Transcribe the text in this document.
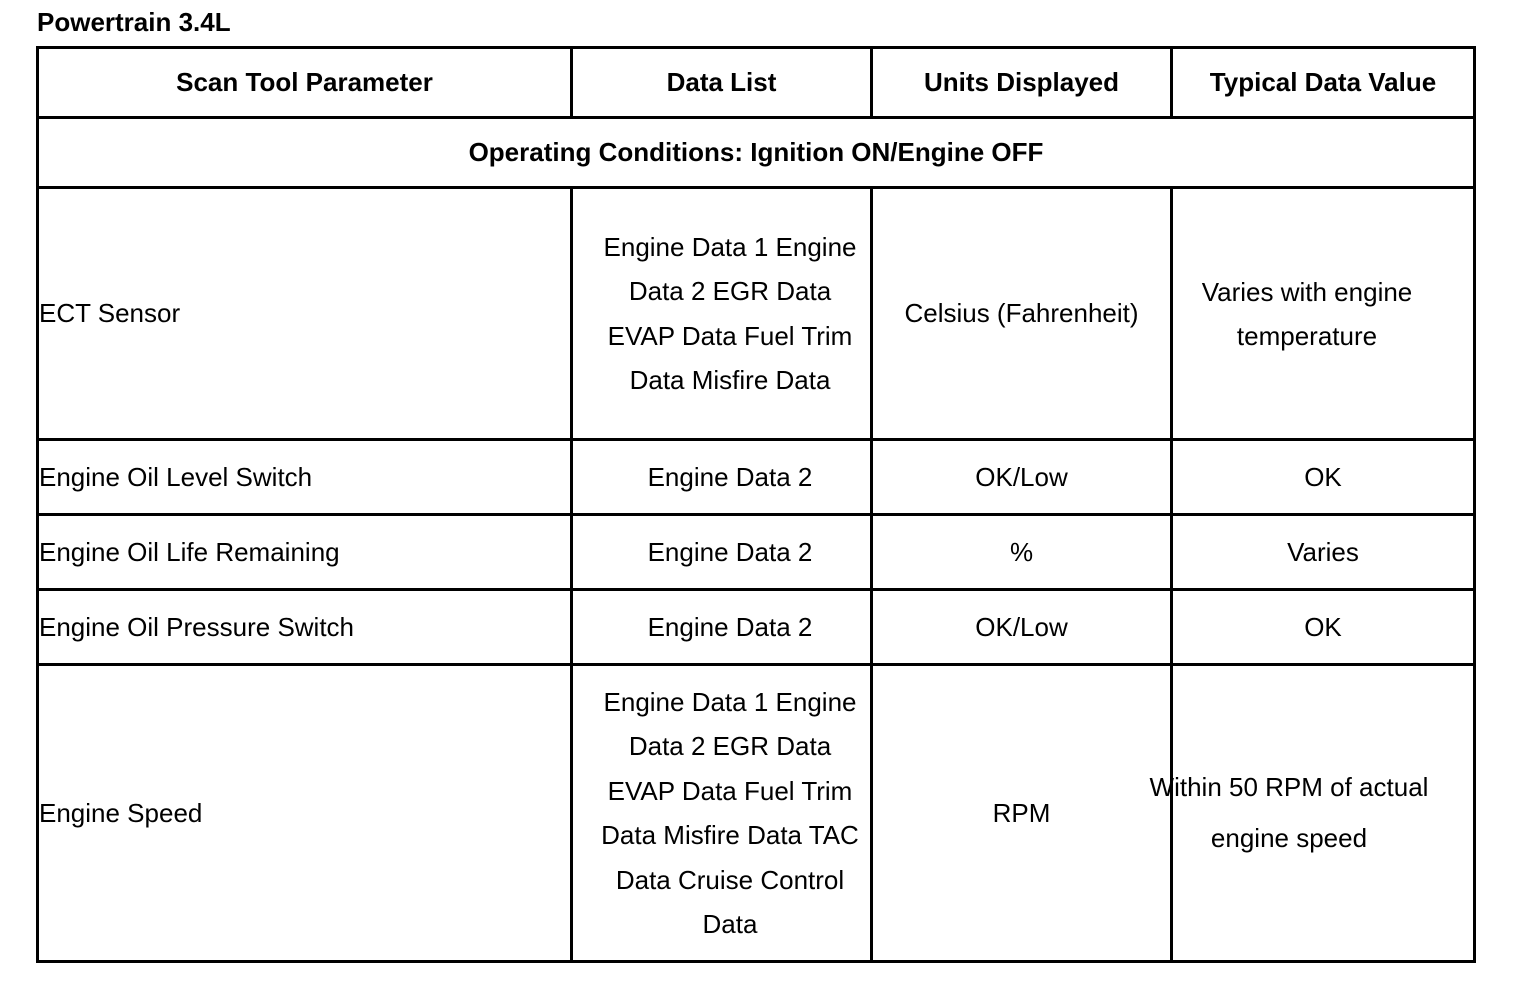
Powertrain 3.4L
Scan Tool Parameter	Data List	Units Displayed	Typical Data Value
Operating Conditions: Ignition ON/Engine OFF			
ECT Sensor	Engine Data 1 Engine Data 2 EGR Data EVAP Data Fuel Trim Data Misfire Data	Celsius (Fahrenheit)	Varies with engine temperature

Engine Oil Level Switch	Engine Data 2	OK/Low	OK
Engine Oil Life Remaining	Engine Data 2	%	Varies
Engine Oil Pressure Switch	Engine Data 2	OK/Low	OK
Engine Speed	Engine Data 1 Engine Data 2 EGR Data EVAP Data Fuel Trim Data Misfire Data TAC Data Cruise Control Data	RPM	Within 50 RPM of actual engine speed
